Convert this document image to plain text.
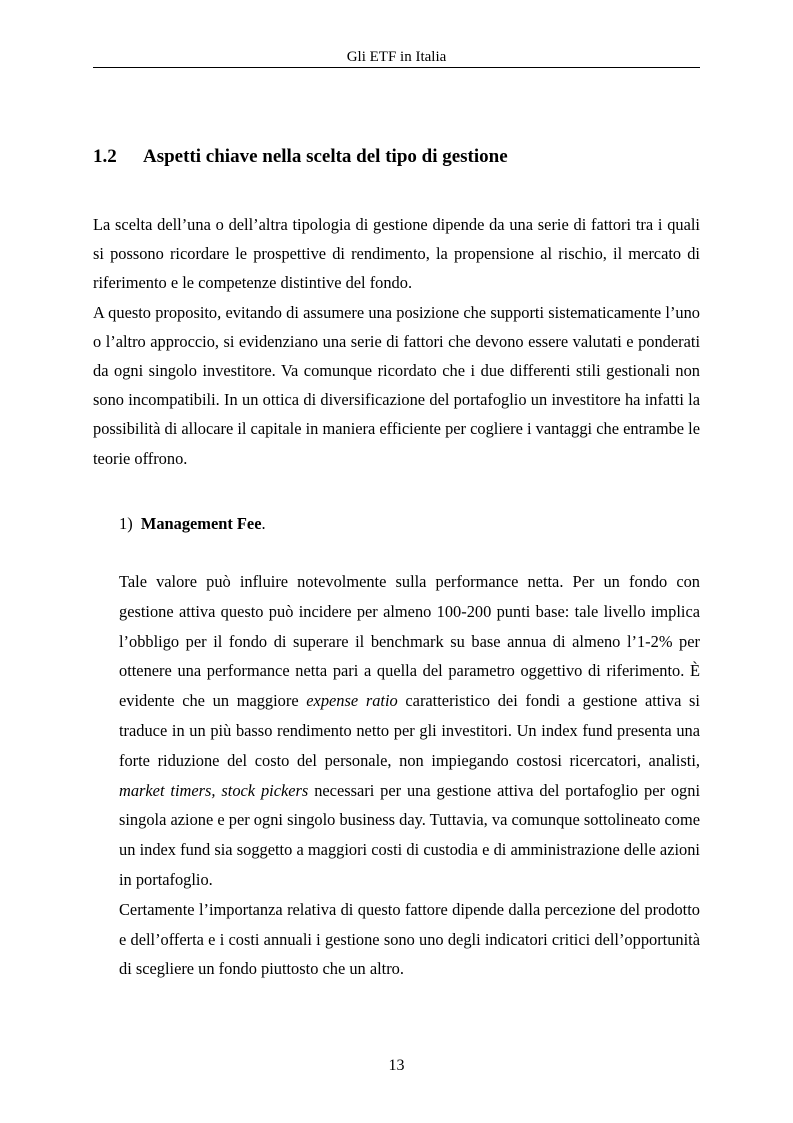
Gli ETF in Italia
1.2 Aspetti chiave nella scelta del tipo di gestione

La scelta dell’una o dell’altra tipologia di gestione dipende da una serie di fattori tra i quali si possono ricordare le prospettive di rendimento, la propensione al rischio, il mercato di riferimento e le competenze distintive del fondo.

A questo proposito, evitando di assumere una posizione che supporti sistematicamente l’uno o l’altro approccio, si evidenziano una serie di fattori che devono essere valutati e ponderati da ogni singolo investitore. Va comunque ricordato che i due differenti stili gestionali non sono incompatibili. In un ottica di diversificazione del portafoglio un investitore ha infatti la possibilità di allocare il capitale in maniera efficiente per cogliere i vantaggi che entrambe le teorie offrono.

1) Management Fee.

Tale valore può influire notevolmente sulla performance netta. Per un fondo con gestione attiva questo può incidere per almeno 100-200 punti base: tale livello implica l’obbligo per il fondo di superare il benchmark su base annua di almeno l’1-2% per ottenere una performance netta pari a quella del parametro oggettivo di riferimento. È evidente che un maggiore expense ratio caratteristico dei fondi a gestione attiva si traduce in un più basso rendimento netto per gli investitori. Un index fund presenta una forte riduzione del costo del personale, non impiegando costosi ricercatori, analisti, market timers, stock pickers necessari per una gestione attiva del portafoglio per ogni singola azione e per ogni singolo business day. Tuttavia, va comunque sottolineato come un index fund sia soggetto a maggiori costi di custodia e di amministrazione delle azioni in portafoglio.

Certamente l’importanza relativa di questo fattore dipende dalla percezione del prodotto e dell’offerta e i costi annuali i gestione sono uno degli indicatori critici dell’opportunità di scegliere un fondo piuttosto che un altro.

13
